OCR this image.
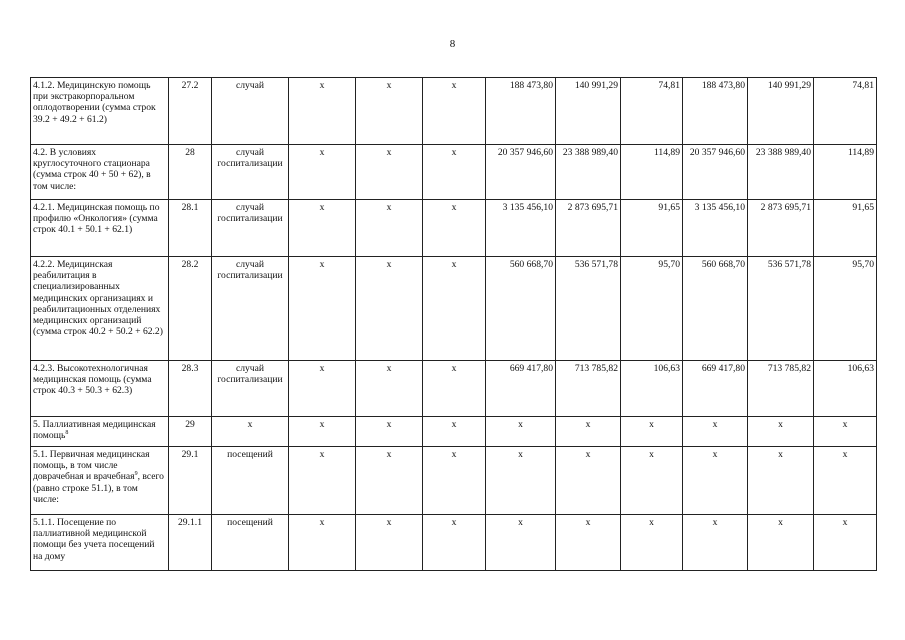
8
4.1.2. Медицинскую помощь при экстракорпоральном оплодотворении (сумма строк 39.2 + 49.2 + 61.2)	27.2	случай	х	х	х	188 473,80	140 991,29	74,81	188 473,80	140 991,29	74,81
4.2. В условиях круглосуточного стационара (сумма строк 40 + 50 + 62), в том числе:	28	случай госпитализации	х	х	х	20 357 946,60	23 388 989,40	114,89	20 357 946,60	23 388 989,40	114,89
4.2.1. Медицинская помощь по профилю «Онкология» (сумма строк 40.1 + 50.1 + 62.1)	28.1	случай госпитализации	х	х	х	3 135 456,10	2 873 695,71	91,65	3 135 456,10	2 873 695,71	91,65
4.2.2. Медицинская реабилитация в специализированных медицинских организациях и реабилитационных отделениях медицинских организаций (сумма строк 40.2 + 50.2 + 62.2)	28.2	случай госпитализации	х	х	х	560 668,70	536 571,78	95,70	560 668,70	536 571,78	95,70
4.2.3. Высокотехнологичная медицинская помощь (сумма строк 40.3 + 50.3 + 62.3)	28.3	случай госпитализации	х	х	х	669 417,80	713 785,82	106,63	669 417,80	713 785,82	106,63
5. Паллиативная медицинская помощь$^8$	29	х	х	х	х	х	х	х	х	х	х
5.1. Первичная медицинская помощь, в том числе доврачебная и врачебная$^9$, всего (равно строке 51.1), в том числе:	29.1	посещений	х	х	х	х	х	х	х	х	х
5.1.1. Посещение по паллиативной медицинской помощи без учета посещений на дому	29.1.1	посещений	х	х	х	х	х	х	х	х	х
